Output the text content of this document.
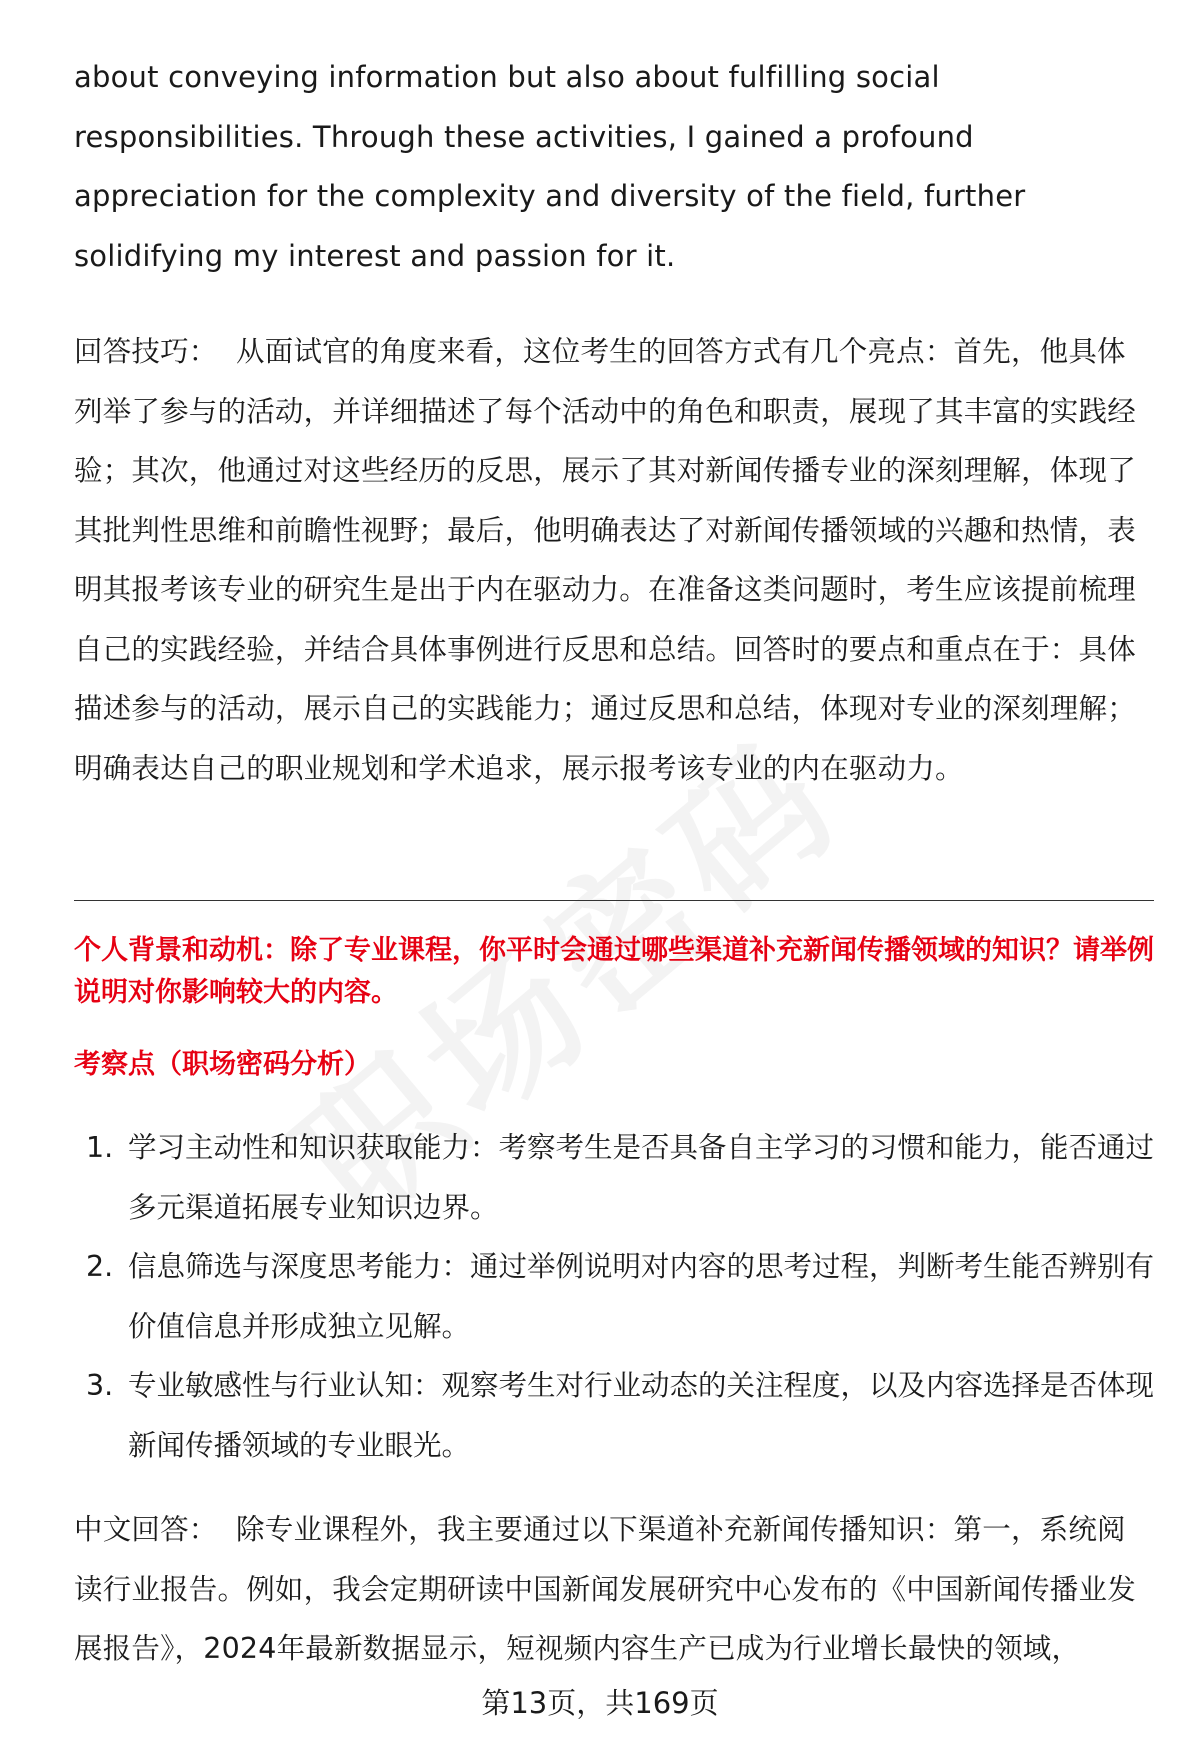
about conveying information but also about fulfilling social responsibilities. Through these activities, I gained a profound appreciation for the complexity and diversity of the field, further solidifying my interest and passion for it.

回答技巧： 从面试官的角度来看，这位考生的回答方式有几个亮点：首先，他具体列举了参与的活动，并详细描述了每个活动中的角色和职责，展现了其丰富的实践经验；其次，他通过对这些经历的反思，展示了其对新闻传播专业的深刻理解，体现了其批判性思维和前瞻性视野；最后，他明确表达了对新闻传播领域的兴趣和热情，表明其报考该专业的研究生是出于内在驱动力。在准备这类问题时，考生应该提前梳理自己的实践经验，并结合具体事例进行反思和总结。回答时的要点和重点在于：具体描述参与的活动，展示自己的实践能力；通过反思和总结，体现对专业的深刻理解；明确表达自己的职业规划和学术追求，展示报考该专业的内在驱动力。

个人背景和动机：除了专业课程，你平时会通过哪些渠道补充新闻传播领域的知识？请举例说明对你影响较大的内容。
考察点（职场密码分析）
1. 学习主动性和知识获取能力：考察考生是否具备自主学习的习惯和能力，能否通过多元渠道拓展专业知识边界。
2. 信息筛选与深度思考能力：通过举例说明对内容的思考过程，判断考生能否辨别有价值信息并形成独立见解。
3. 专业敏感性与行业认知：观察考生对行业动态的关注程度，以及内容选择是否体现新闻传播领域的专业眼光。

中文回答： 除专业课程外，我主要通过以下渠道补充新闻传播知识：第一，系统阅读行业报告。例如，我会定期研读中国新闻发展研究中心发布的《中国新闻传播业发展报告》，2024年最新数据显示，短视频内容生产已成为行业增长最快的领域，

第13页，共169页
